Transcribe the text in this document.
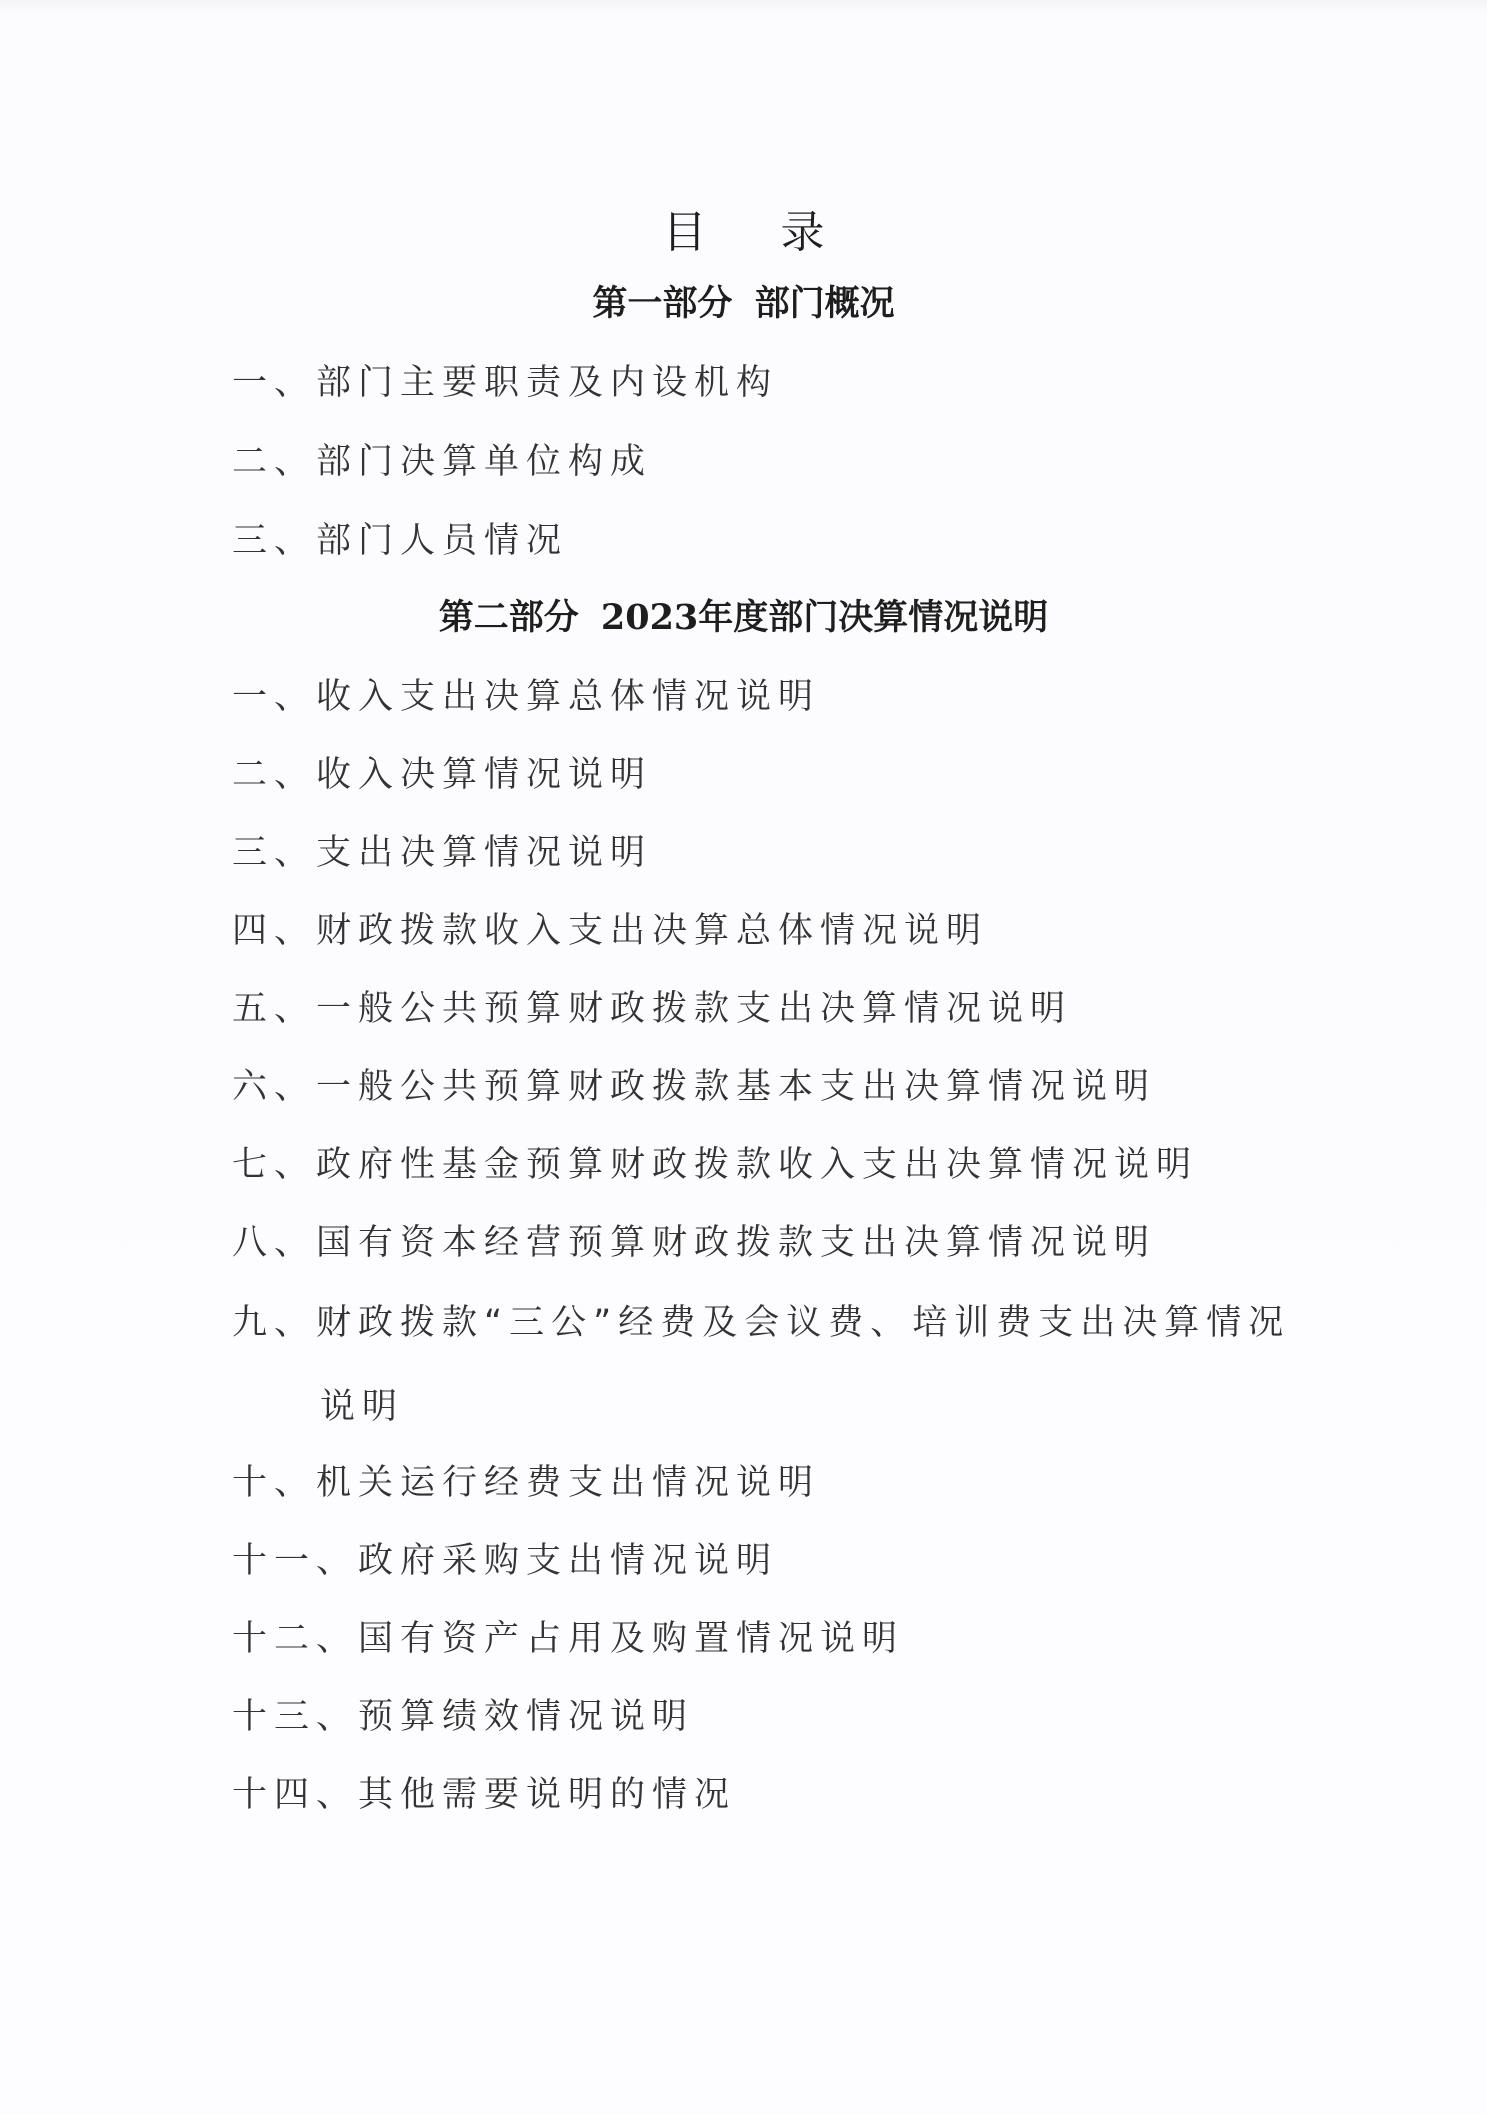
目 录
第一部分 部门概况
一、部门主要职责及内设机构
二、部门决算单位构成
三、部门人员情况
第二部分 2023年度部门决算情况说明
一、收入支出决算总体情况说明
二、收入决算情况说明
三、支出决算情况说明
四、财政拨款收入支出决算总体情况说明
五、一般公共预算财政拨款支出决算情况说明
六、一般公共预算财政拨款基本支出决算情况说明
七、政府性基金预算财政拨款收入支出决算情况说明
八、国有资本经营预算财政拨款支出决算情况说明
九、财政拨款“三公”经费及会议费、培训费支出决算情况
说明
十、机关运行经费支出情况说明
十一、政府采购支出情况说明
十二、国有资产占用及购置情况说明
十三、预算绩效情况说明
十四、其他需要说明的情况
